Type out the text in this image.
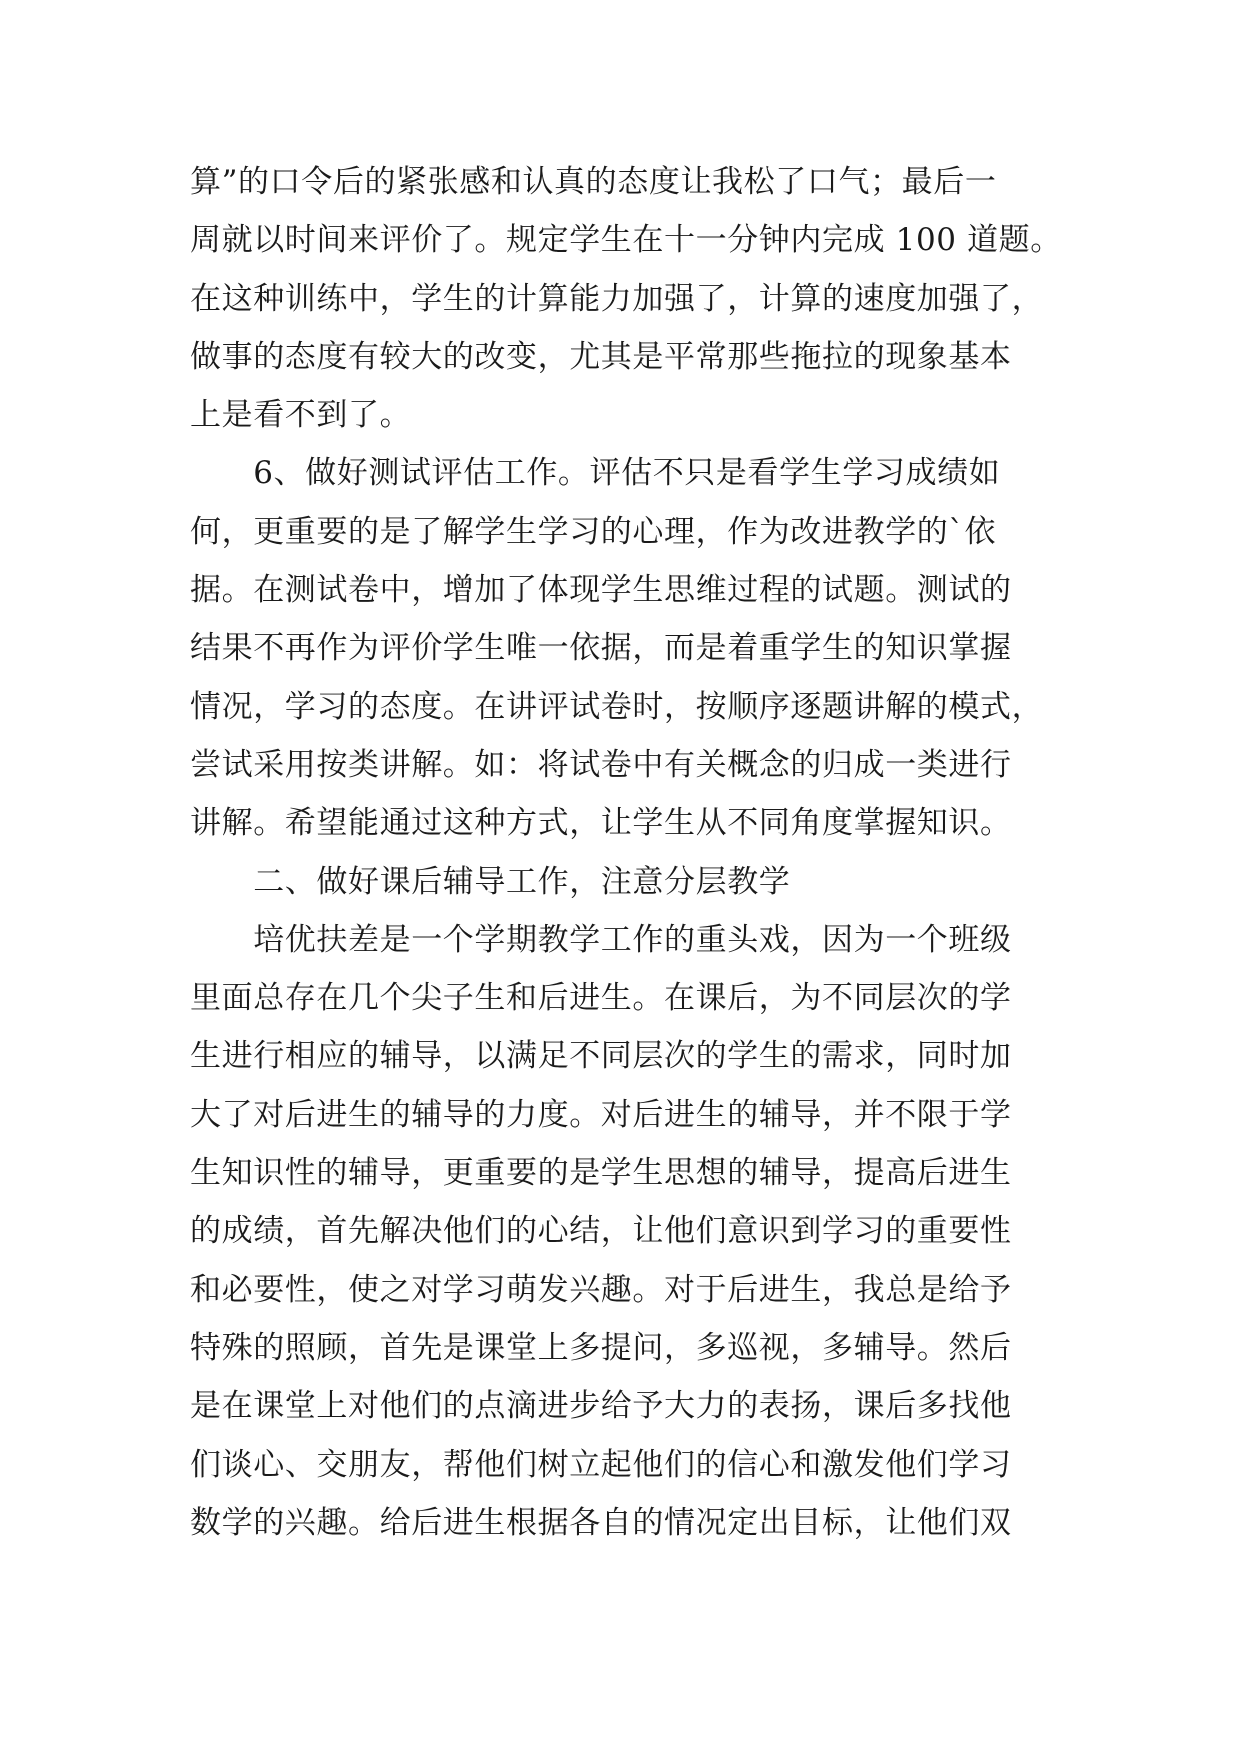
算”的口令后的紧张感和认真的态度让我松了口气；最后一
周就以时间来评价了。规定学生在十一分钟内完成 100 道题。
在这种训练中，学生的计算能力加强了，计算的速度加强了，
做事的态度有较大的改变，尤其是平常那些拖拉的现象基本
上是看不到了。
　　6、做好测试评估工作。评估不只是看学生学习成绩如
何，更重要的是了解学生学习的心理，作为改进教学的`依
据。在测试卷中，增加了体现学生思维过程的试题。测试的
结果不再作为评价学生唯一依据，而是着重学生的知识掌握
情况，学习的态度。在讲评试卷时，按顺序逐题讲解的模式，
尝试采用按类讲解。如：将试卷中有关概念的归成一类进行
讲解。希望能通过这种方式，让学生从不同角度掌握知识。
　　二、做好课后辅导工作，注意分层教学
　　培优扶差是一个学期教学工作的重头戏，因为一个班级
里面总存在几个尖子生和后进生。在课后，为不同层次的学
生进行相应的辅导，以满足不同层次的学生的需求，同时加
大了对后进生的辅导的力度。对后进生的辅导，并不限于学
生知识性的辅导，更重要的是学生思想的辅导，提高后进生
的成绩，首先解决他们的心结，让他们意识到学习的重要性
和必要性，使之对学习萌发兴趣。对于后进生，我总是给予
特殊的照顾，首先是课堂上多提问，多巡视，多辅导。然后
是在课堂上对他们的点滴进步给予大力的表扬，课后多找他
们谈心、交朋友，帮他们树立起他们的信心和激发他们学习
数学的兴趣。给后进生根据各自的情况定出目标，让他们双
